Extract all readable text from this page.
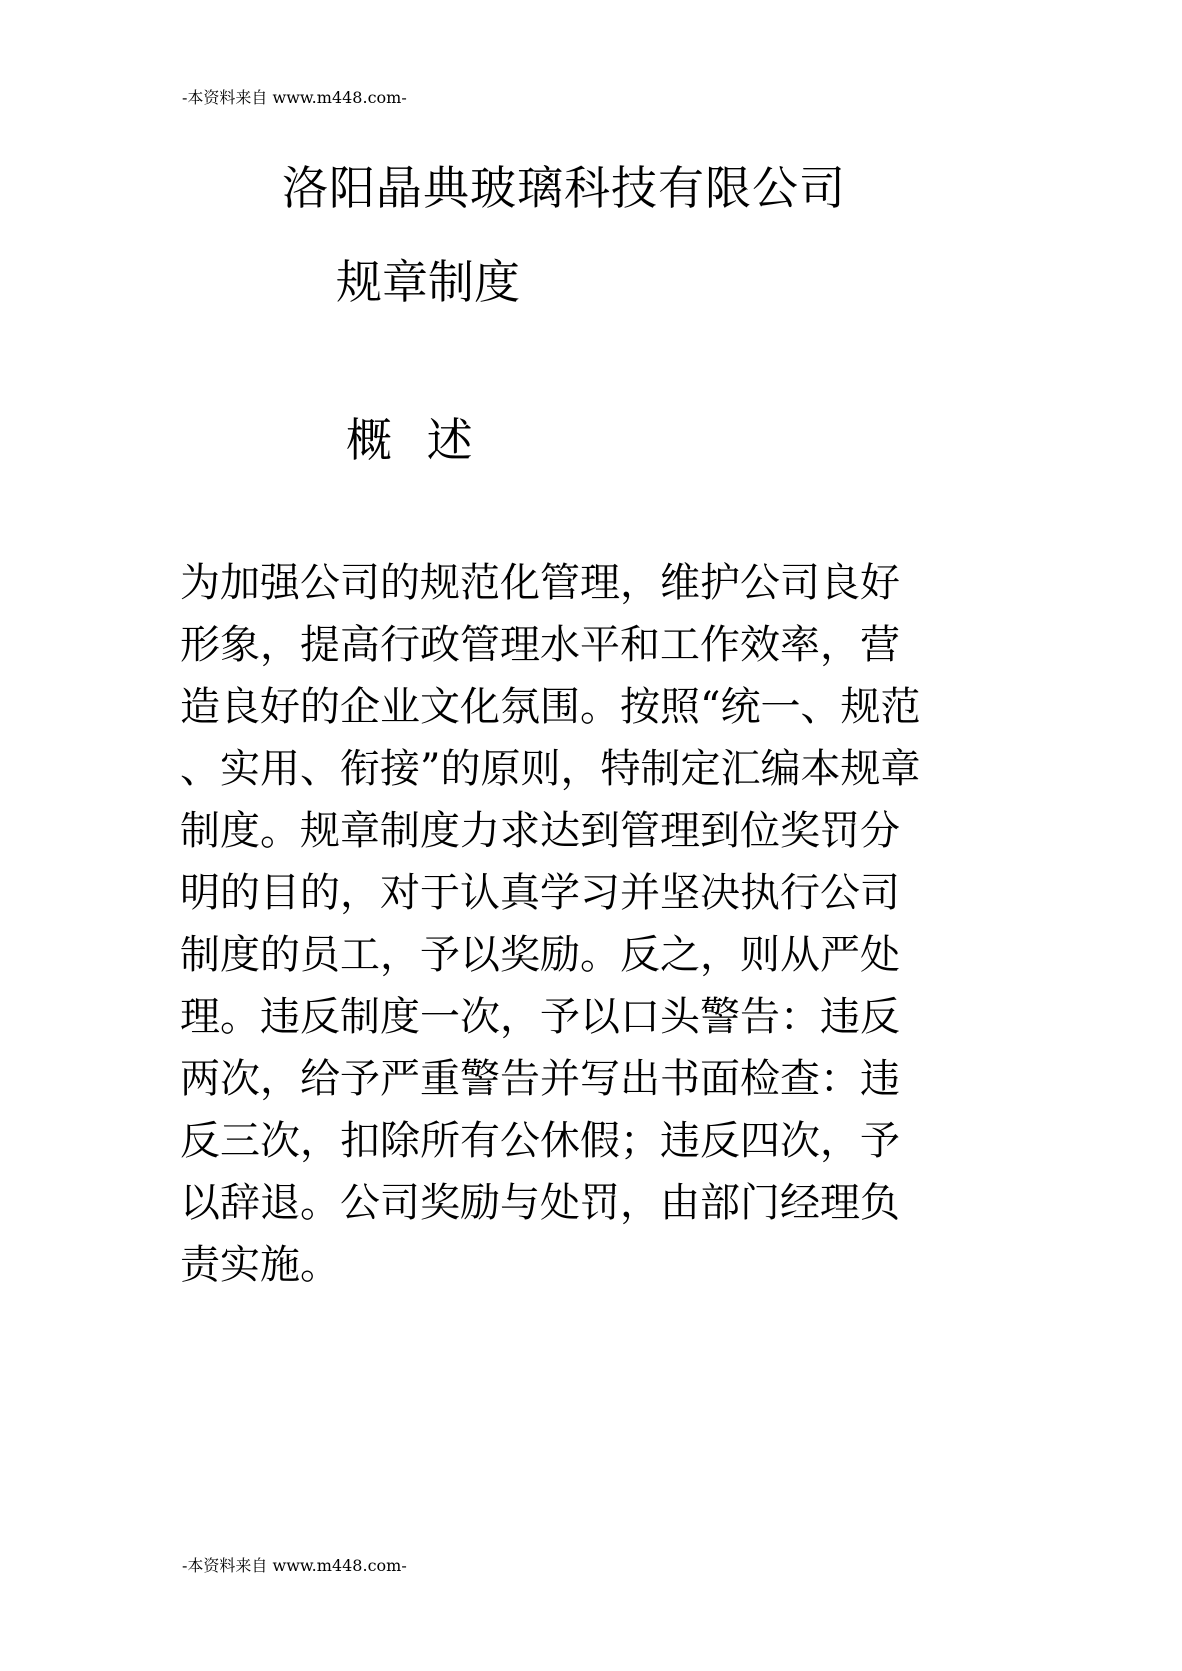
-本资料来自 www.m448.com-
洛阳晶典玻璃科技有限公司
规章制度
概 述
为加强公司的规范化管理，维护公司良好
形象，提高行政管理水平和工作效率，营
造良好的企业文化氛围。按照“统一、规范
、实用、衔接”的原则，特制定汇编本规章
制度。规章制度力求达到管理到位奖罚分
明的目的，对于认真学习并坚决执行公司
制度的员工，予以奖励。反之，则从严处
理。违反制度一次，予以口头警告：违反
两次，给予严重警告并写出书面检查：违
反三次，扣除所有公休假；违反四次，予
以辞退。公司奖励与处罚，由部门经理负
责实施。
-本资料来自 www.m448.com-
